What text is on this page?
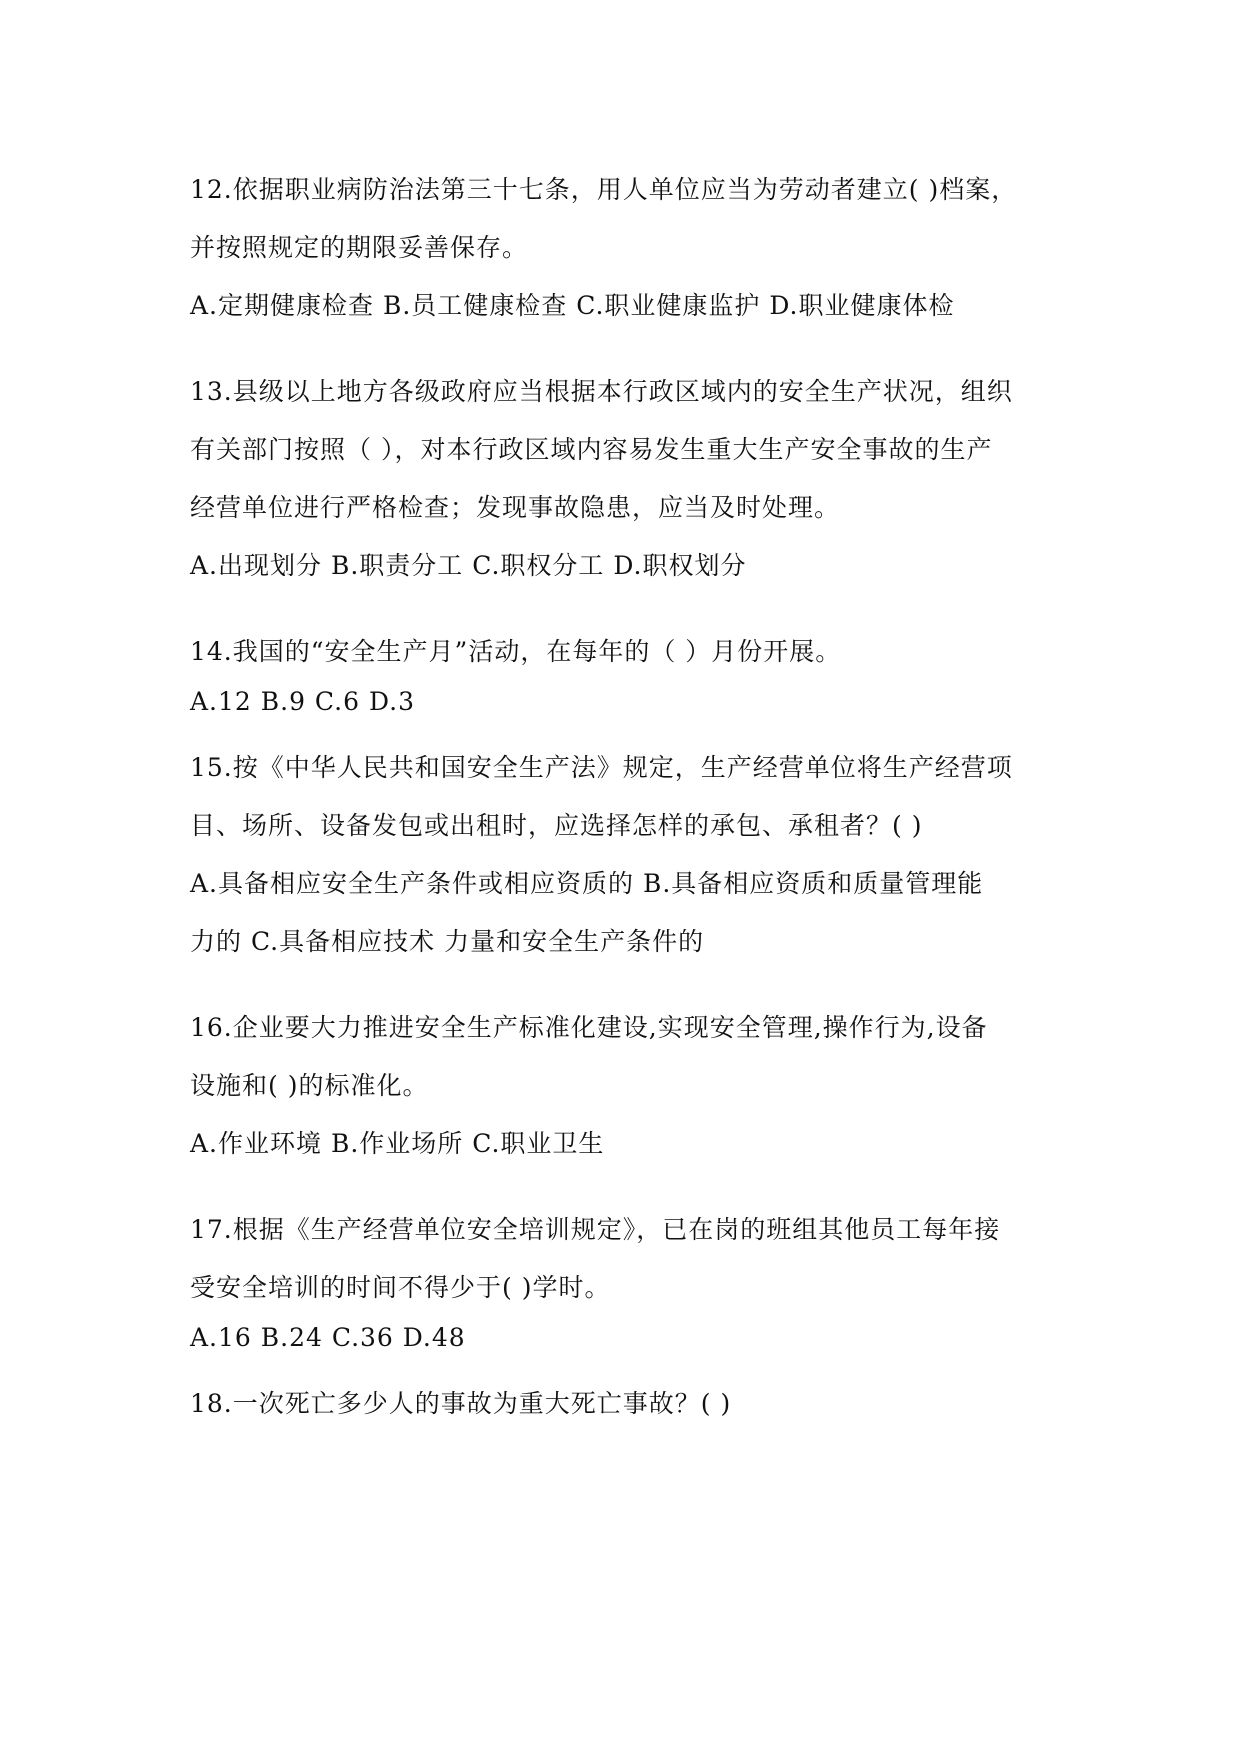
12.依据职业病防治法第三十七条，用人单位应当为劳动者建立( )档案，
并按照规定的期限妥善保存。
A.定期健康检查 B.员工健康检查 C.职业健康监护 D.职业健康体检
13.县级以上地方各级政府应当根据本行政区域内的安全生产状况，组织
有关部门按照（ ），对本行政区域内容易发生重大生产安全事故的生产
经营单位进行严格检查；发现事故隐患，应当及时处理。
A.出现划分 B.职责分工 C.职权分工 D.职权划分
14.我国的“安全生产月”活动，在每年的（ ）月份开展。
A.12 B.9 C.6 D.3
15.按《中华人民共和国安全生产法》规定，生产经营单位将生产经营项
目、场所、设备发包或出租时，应选择怎样的承包、承租者？( )
A.具备相应安全生产条件或相应资质的 B.具备相应资质和质量管理能
力的 C.具备相应技术 力量和安全生产条件的
16.企业要大力推进安全生产标准化建设,实现安全管理,操作行为,设备
设施和( )的标准化。
A.作业环境 B.作业场所 C.职业卫生
17.根据《生产经营单位安全培训规定》，已在岗的班组其他员工每年接
受安全培训的时间不得少于( )学时。
A.16 B.24 C.36 D.48
18.一次死亡多少人的事故为重大死亡事故？( )
